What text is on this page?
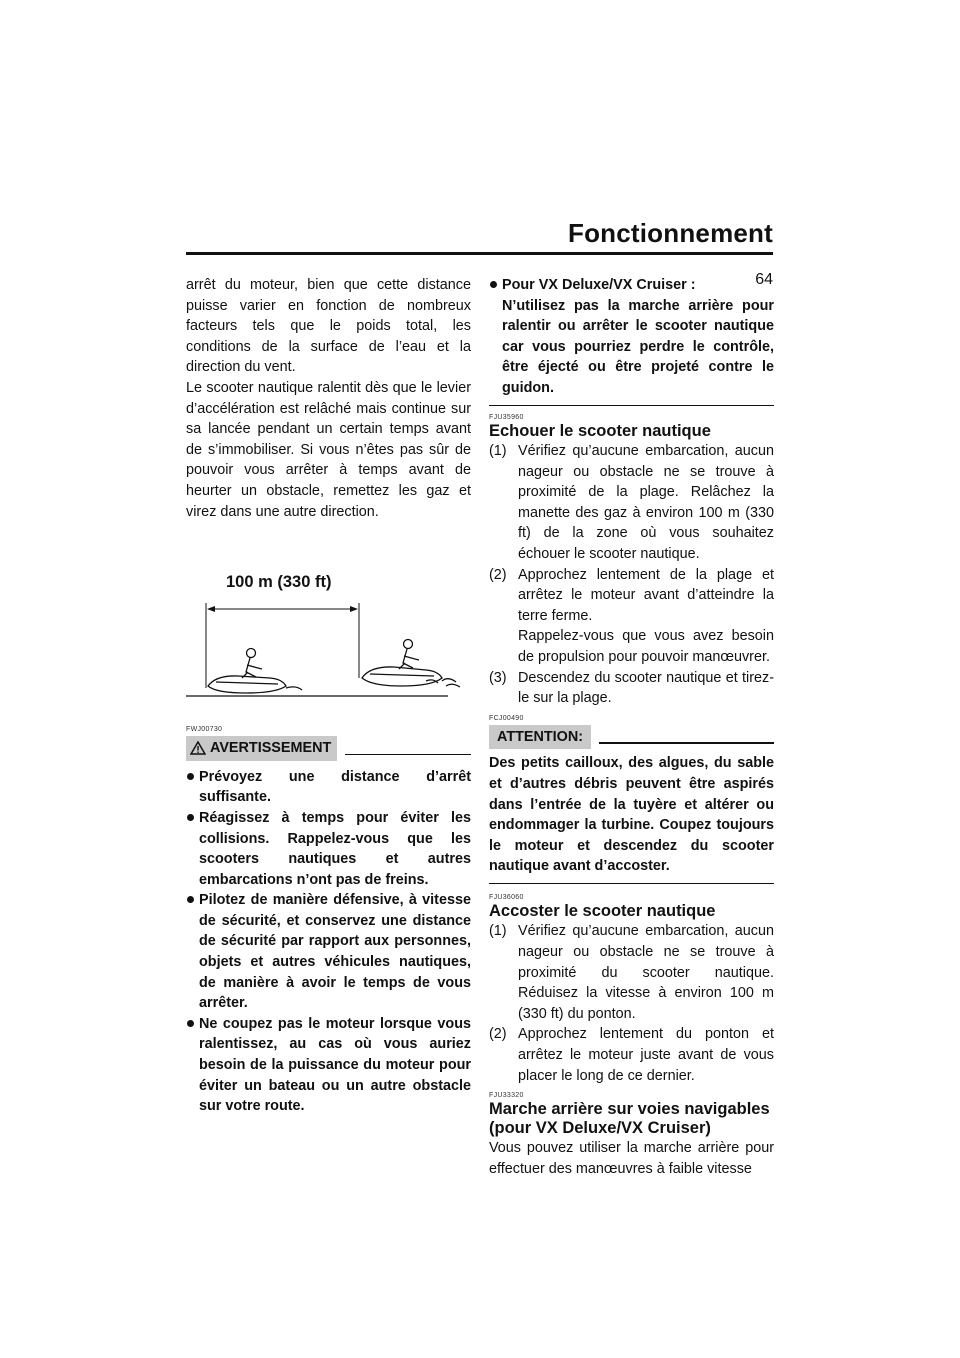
Fonctionnement
64

arrêt du moteur, bien que cette distance puisse varier en fonction de nombreux facteurs tels que le poids total, les conditions de la surface de l’eau et la direction du vent.

Le scooter nautique ralentit dès que le levier d’accélération est relâché mais continue sur sa lancée pendant un certain temps avant de s’immobiliser. Si vous n’êtes pas sûr de pouvoir vous arrêter à temps avant de heurter un obstacle, remettez les gaz et virez dans une autre direction.

100 m (330 ft)
FWJ00730
AVERTISSEMENT
Prévoyez une distance d’arrêt suffisante.
Réagissez à temps pour éviter les collisions. Rappelez-vous que les scooters nautiques et autres embarcations n’ont pas de freins.
Pilotez de manière défensive, à vitesse de sécurité, et conservez une distance de sécurité par rapport aux personnes, objets et autres véhicules nautiques, de manière à avoir le temps de vous arrêter.
Ne coupez pas le moteur lorsque vous ralentissez, au cas où vous auriez besoin de la puissance du moteur pour éviter un bateau ou un autre obstacle sur votre route.
Pour VX Deluxe/VX Cruiser :
N’utilisez pas la marche arrière pour ralentir ou arrêter le scooter nautique car vous pourriez perdre le contrôle, être éjecté ou être projeté contre le guidon.
FJU35960
Echouer le scooter nautique
(1) Vérifiez qu’aucune embarcation, aucun nageur ou obstacle ne se trouve à proximité de la plage. Relâchez la manette des gaz à environ 100 m (330 ft) de la zone où vous souhaitez échouer le scooter nautique.
(2) Approchez lentement de la plage et arrêtez le moteur avant d’atteindre la terre ferme.
Rappelez-vous que vous avez besoin de propulsion pour pouvoir manœuvrer.
(3) Descendez du scooter nautique et tirez-le sur la plage.
FCJ00490
ATTENTION:

Des petits cailloux, des algues, du sable et d’autres débris peuvent être aspirés dans l’entrée de la tuyère et altérer ou endommager la turbine. Coupez toujours le moteur et descendez du scooter nautique avant d’accoster.

FJU36060
Accoster le scooter nautique
(1) Vérifiez qu’aucune embarcation, aucun nageur ou obstacle ne se trouve à proximité du scooter nautique. Réduisez la vitesse à environ 100 m (330 ft) du ponton.
(2) Approchez lentement du ponton et arrêtez le moteur juste avant de vous placer le long de ce dernier.
FJU33320
Marche arrière sur voies navigables
(pour VX Deluxe/VX Cruiser)

Vous pouvez utiliser la marche arrière pour effectuer des manœuvres à faible vitesse
